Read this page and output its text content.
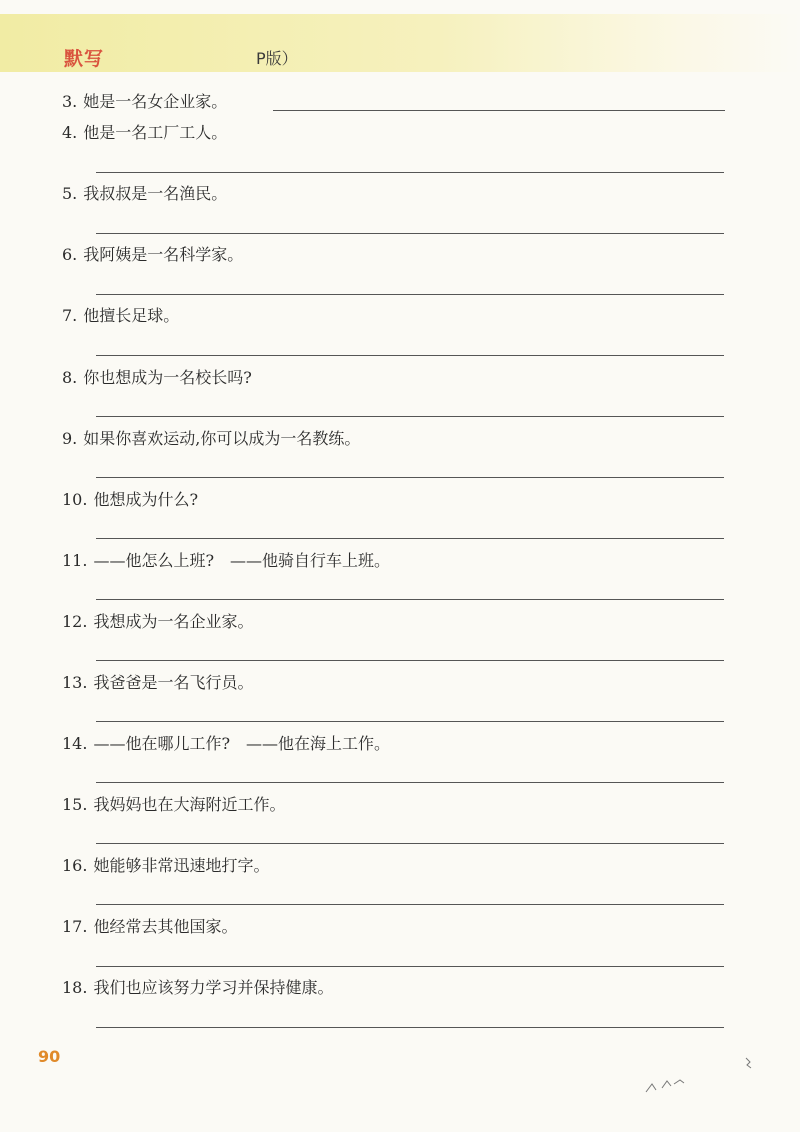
默写	P版）
3. 她是一名女企业家。
4. 他是一名工厂工人。
5. 我叔叔是一名渔民。
6. 我阿姨是一名科学家。
7. 他擅长足球。
8. 你也想成为一名校长吗?
9. 如果你喜欢运动,你可以成为一名教练。
10. 他想成为什么?
11. ——他怎么上班?　——他骑自行车上班。
12. 我想成为一名企业家。
13. 我爸爸是一名飞行员。
14. ——他在哪儿工作?　——他在海上工作。
15. 我妈妈也在大海附近工作。
16. 她能够非常迅速地打字。
17. 他经常去其他国家。
18. 我们也应该努力学习并保持健康。
90
